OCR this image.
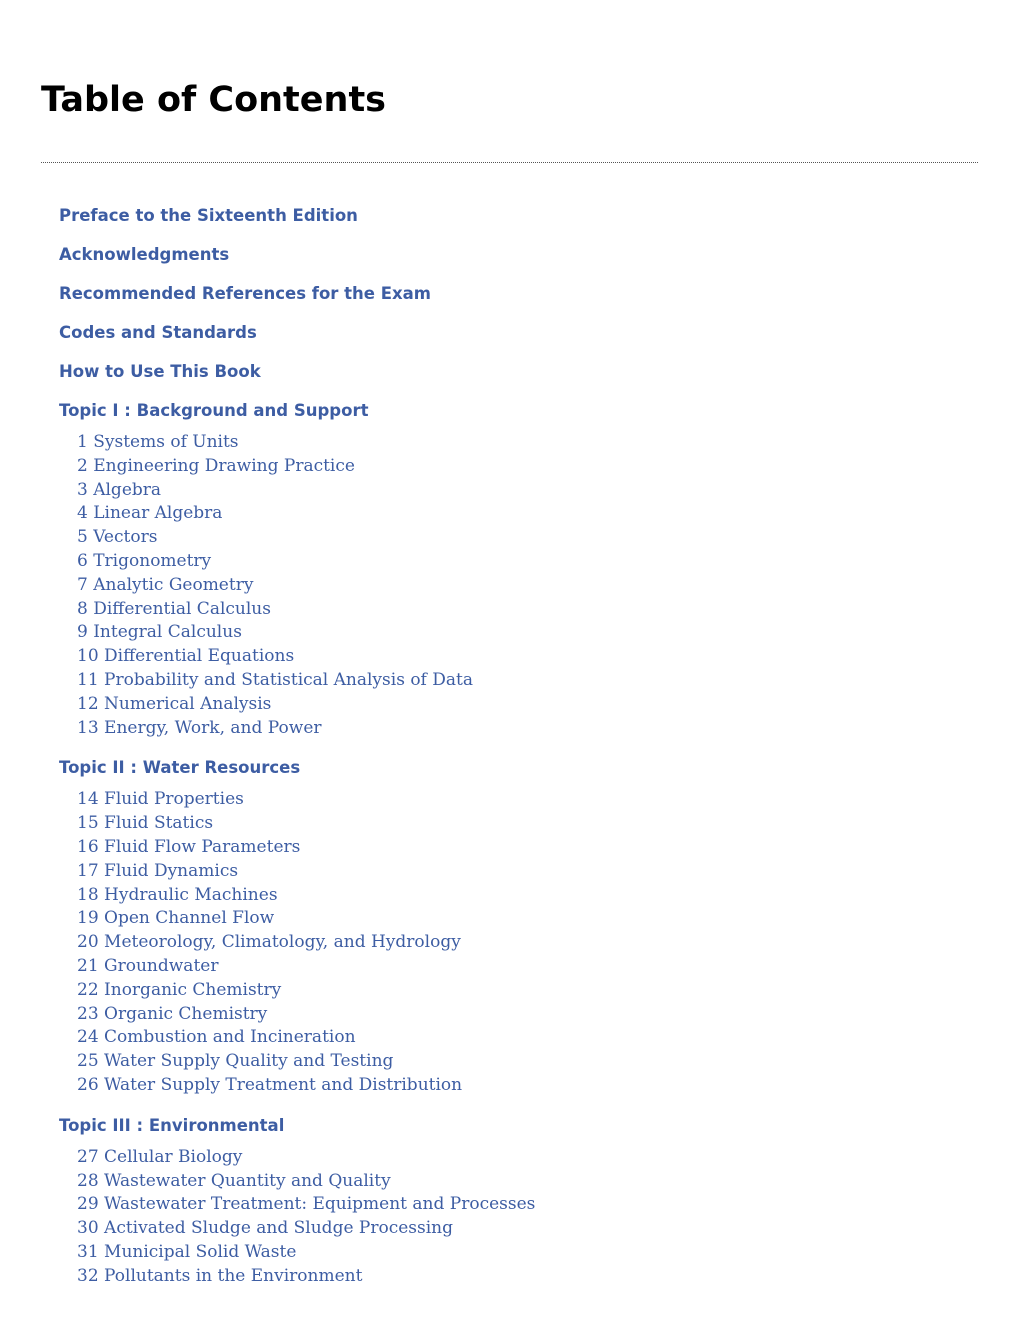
Table of Contents
Preface to the Sixteenth Edition
Acknowledgments
Recommended References for the Exam
Codes and Standards
How to Use This Book
Topic I : Background and Support
1 Systems of Units
2 Engineering Drawing Practice
3 Algebra
4 Linear Algebra
5 Vectors
6 Trigonometry
7 Analytic Geometry
8 Differential Calculus
9 Integral Calculus
10 Differential Equations
11 Probability and Statistical Analysis of Data
12 Numerical Analysis
13 Energy, Work, and Power
Topic II : Water Resources
14 Fluid Properties
15 Fluid Statics
16 Fluid Flow Parameters
17 Fluid Dynamics
18 Hydraulic Machines
19 Open Channel Flow
20 Meteorology, Climatology, and Hydrology
21 Groundwater
22 Inorganic Chemistry
23 Organic Chemistry
24 Combustion and Incineration
25 Water Supply Quality and Testing
26 Water Supply Treatment and Distribution
Topic III : Environmental
27 Cellular Biology
28 Wastewater Quantity and Quality
29 Wastewater Treatment: Equipment and Processes
30 Activated Sludge and Sludge Processing
31 Municipal Solid Waste
32 Pollutants in the Environment
